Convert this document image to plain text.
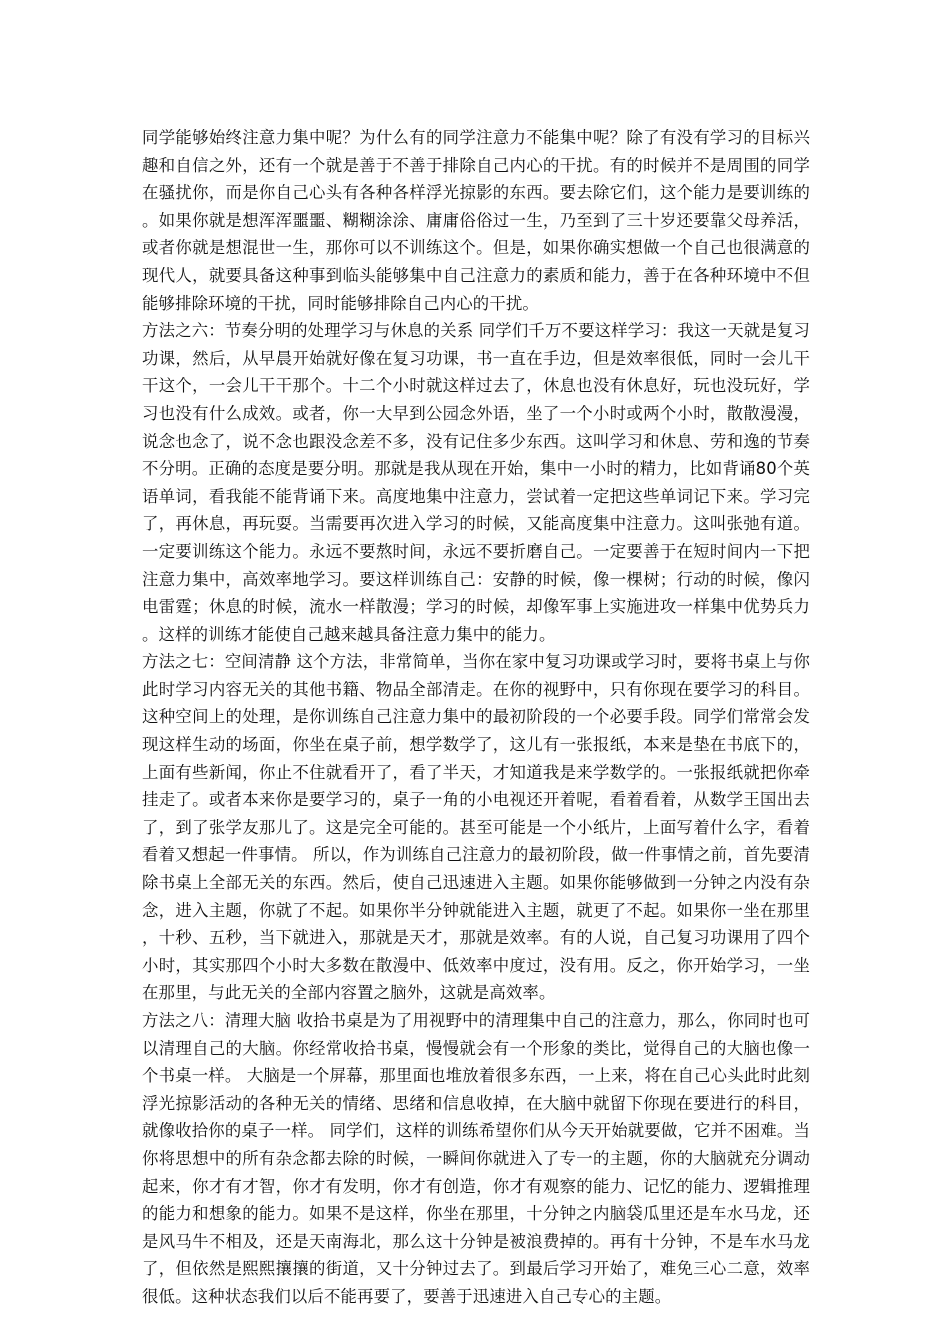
同学能够始终注意力集中呢？为什么有的同学注意力不能集中呢？除了有没有学习的目标兴趣和自信之外，还有一个就是善于不善于排除自己内心的干扰。有的时候并不是周围的同学在骚扰你，而是你自己心头有各种各样浮光掠影的东西。要去除它们，这个能力是要训练的。如果你就是想浑浑噩噩、糊糊涂涂、庸庸俗俗过一生，乃至到了三十岁还要靠父母养活，或者你就是想混世一生，那你可以不训练这个。但是，如果你确实想做一个自己也很满意的现代人，就要具备这种事到临头能够集中自己注意力的素质和能力，善于在各种环境中不但能够排除环境的干扰，同时能够排除自己内心的干扰。

方法之六：节奏分明的处理学习与休息的关系 同学们千万不要这样学习：我这一天就是复习功课，然后，从早晨开始就好像在复习功课，书一直在手边，但是效率很低，同时一会儿干干这个，一会儿干干那个。十二个小时就这样过去了，休息也没有休息好，玩也没玩好，学习也没有什么成效。或者，你一大早到公园念外语，坐了一个小时或两个小时，散散漫漫，说念也念了，说不念也跟没念差不多，没有记住多少东西。这叫学习和休息、劳和逸的节奏不分明。正确的态度是要分明。那就是我从现在开始，集中一小时的精力，比如背诵80个英语单词，看我能不能背诵下来。高度地集中注意力，尝试着一定把这些单词记下来。学习完了，再休息，再玩耍。当需要再次进入学习的时候，又能高度集中注意力。这叫张弛有道。一定要训练这个能力。永远不要熬时间，永远不要折磨自己。一定要善于在短时间内一下把注意力集中，高效率地学习。要这样训练自己：安静的时候，像一棵树；行动的时候，像闪电雷霆；休息的时候，流水一样散漫；学习的时候，却像军事上实施进攻一样集中优势兵力。这样的训练才能使自己越来越具备注意力集中的能力。

方法之七：空间清静 这个方法，非常简单，当你在家中复习功课或学习时，要将书桌上与你此时学习内容无关的其他书籍、物品全部清走。在你的视野中，只有你现在要学习的科目。这种空间上的处理，是你训练自己注意力集中的最初阶段的一个必要手段。同学们常常会发现这样生动的场面，你坐在桌子前，想学数学了，这儿有一张报纸，本来是垫在书底下的，上面有些新闻，你止不住就看开了，看了半天，才知道我是来学数学的。一张报纸就把你牵挂走了。或者本来你是要学习的，桌子一角的小电视还开着呢，看着看着，从数学王国出去了，到了张学友那儿了。这是完全可能的。甚至可能是一个小纸片，上面写着什么字，看着看着又想起一件事情。 所以，作为训练自己注意力的最初阶段，做一件事情之前，首先要清除书桌上全部无关的东西。然后，使自己迅速进入主题。如果你能够做到一分钟之内没有杂念，进入主题，你就了不起。如果你半分钟就能进入主题，就更了不起。如果你一坐在那里，十秒、五秒，当下就进入，那就是天才，那就是效率。有的人说，自己复习功课用了四个小时，其实那四个小时大多数在散漫中、低效率中度过，没有用。反之，你开始学习，一坐在那里，与此无关的全部内容置之脑外，这就是高效率。

方法之八：清理大脑 收拾书桌是为了用视野中的清理集中自己的注意力，那么，你同时也可以清理自己的大脑。你经常收拾书桌，慢慢就会有一个形象的类比，觉得自己的大脑也像一个书桌一样。 大脑是一个屏幕，那里面也堆放着很多东西，一上来，将在自己心头此时此刻浮光掠影活动的各种无关的情绪、思绪和信息收掉，在大脑中就留下你现在要进行的科目，就像收拾你的桌子一样。 同学们，这样的训练希望你们从今天开始就要做，它并不困难。当你将思想中的所有杂念都去除的时候，一瞬间你就进入了专一的主题，你的大脑就充分调动起来，你才有才智，你才有发明，你才有创造，你才有观察的能力、记忆的能力、逻辑推理的能力和想象的能力。如果不是这样，你坐在那里，十分钟之内脑袋瓜里还是车水马龙，还是风马牛不相及，还是天南海北，那么这十分钟是被浪费掉的。再有十分钟，不是车水马龙了，但依然是熙熙攘攘的街道，又十分钟过去了。到最后学习开始了，难免三心二意，效率很低。这种状态我们以后不能再要了，要善于迅速进入自己专心的主题。
